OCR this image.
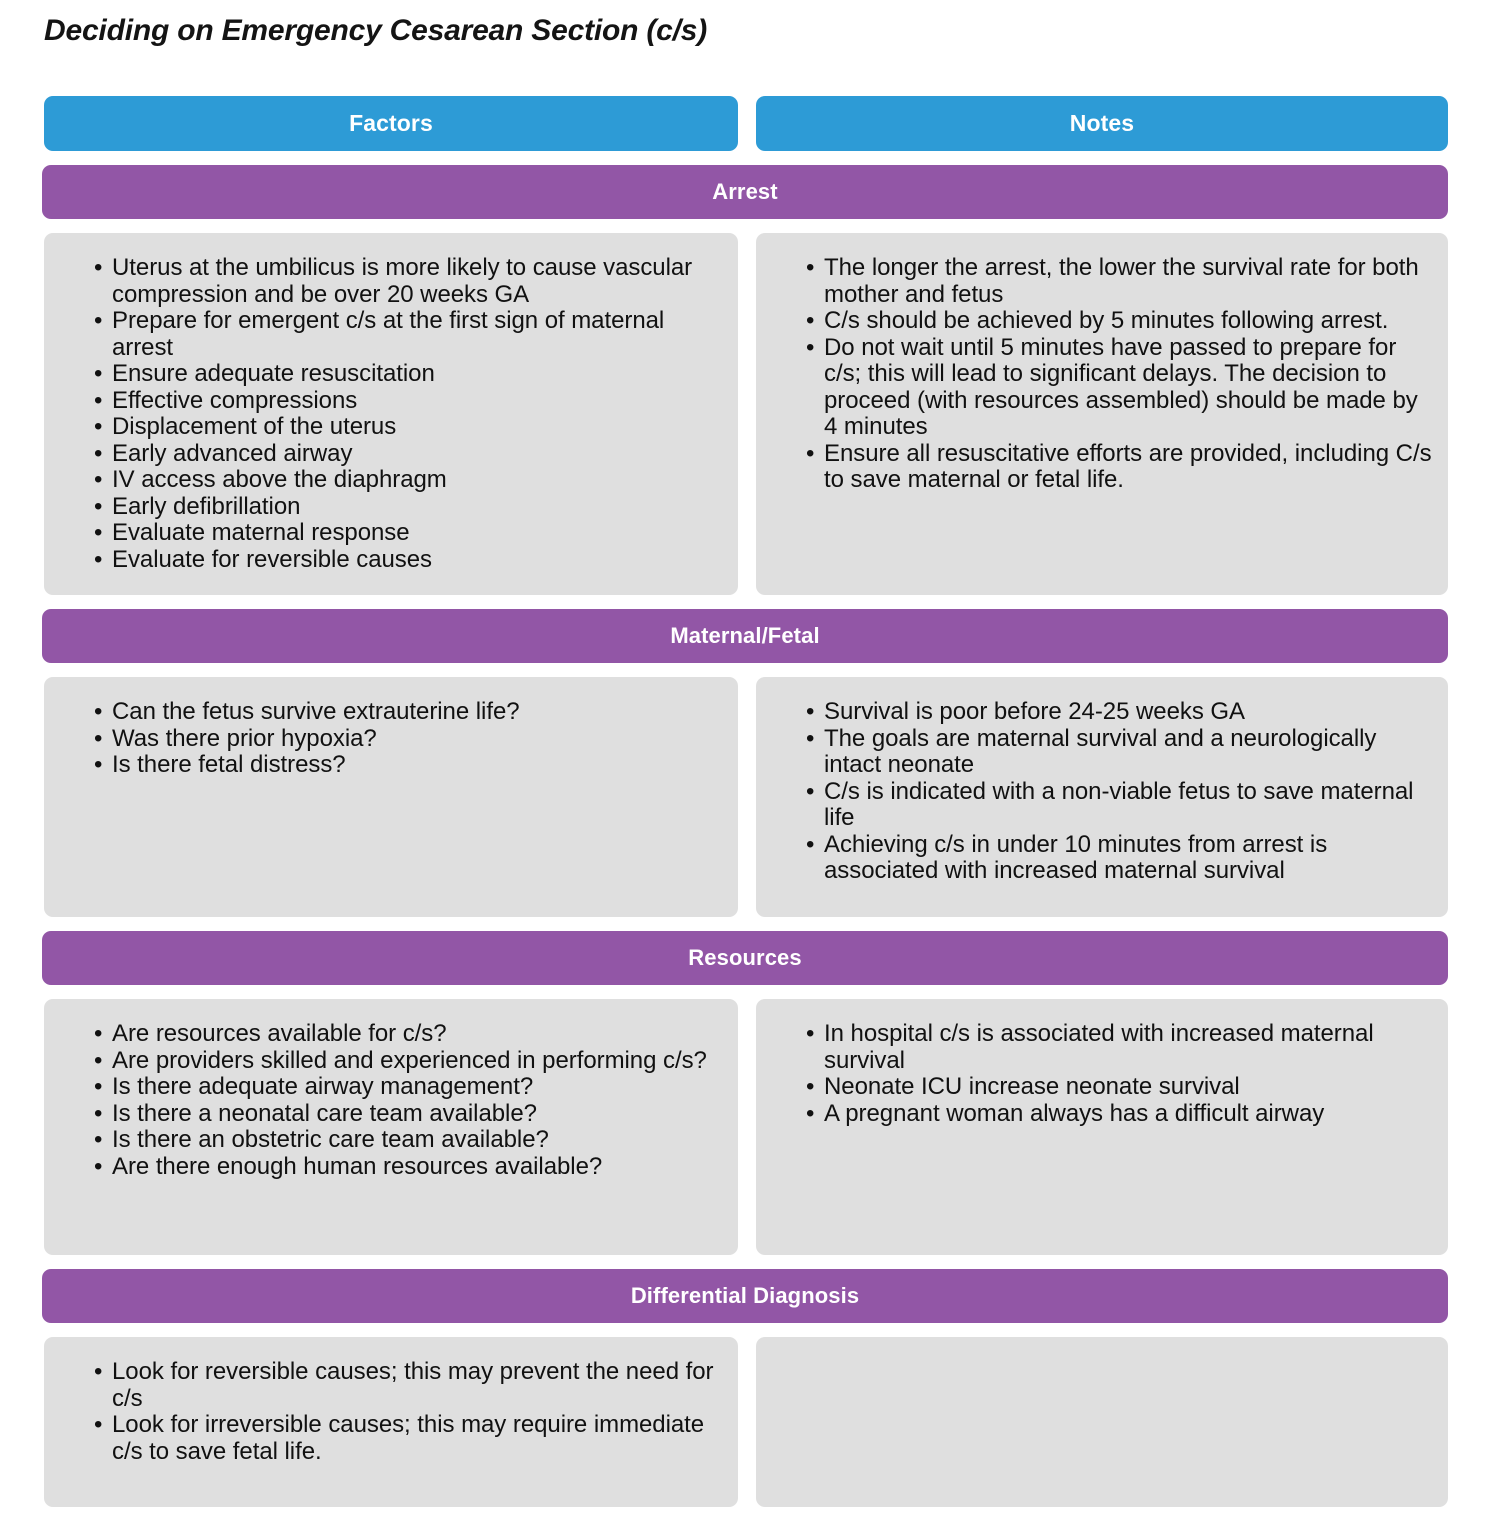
Deciding on Emergency Cesarean Section (c/s)
Factors	Notes
Arrest
• Uterus at the umbilicus is more likely to cause vascular compression and be over 20 weeks GA
• Prepare for emergent c/s at the first sign of maternal arrest
• Ensure adequate resuscitation
• Effective compressions
• Displacement of the uterus
• Early advanced airway
• IV access above the diaphragm
• Early defibrillation
• Evaluate maternal response
• Evaluate for reversible causes
• The longer the arrest, the lower the survival rate for both mother and fetus
• C/s should be achieved by 5 minutes following arrest.
• Do not wait until 5 minutes have passed to prepare for c/s; this will lead to significant delays. The decision to proceed (with resources assembled) should be made by 4 minutes
• Ensure all resuscitative efforts are provided, including C/s to save maternal or fetal life.
Maternal/Fetal
• Can the fetus survive extrauterine life?
• Was there prior hypoxia?
• Is there fetal distress?
• Survival is poor before 24-25 weeks GA
• The goals are maternal survival and a neurologically intact neonate
• C/s is indicated with a non-viable fetus to save maternal life
• Achieving c/s in under 10 minutes from arrest is associated with increased maternal survival
Resources
• Are resources available for c/s?
• Are providers skilled and experienced in performing c/s?
• Is there adequate airway management?
• Is there a neonatal care team available?
• Is there an obstetric care team available?
• Are there enough human resources available?
• In hospital c/s is associated with increased maternal survival
• Neonate ICU increase neonate survival
• A pregnant woman always has a difficult airway
Differential Diagnosis
• Look for reversible causes; this may prevent the need for c/s
• Look for irreversible causes; this may require immediate c/s to save fetal life.
